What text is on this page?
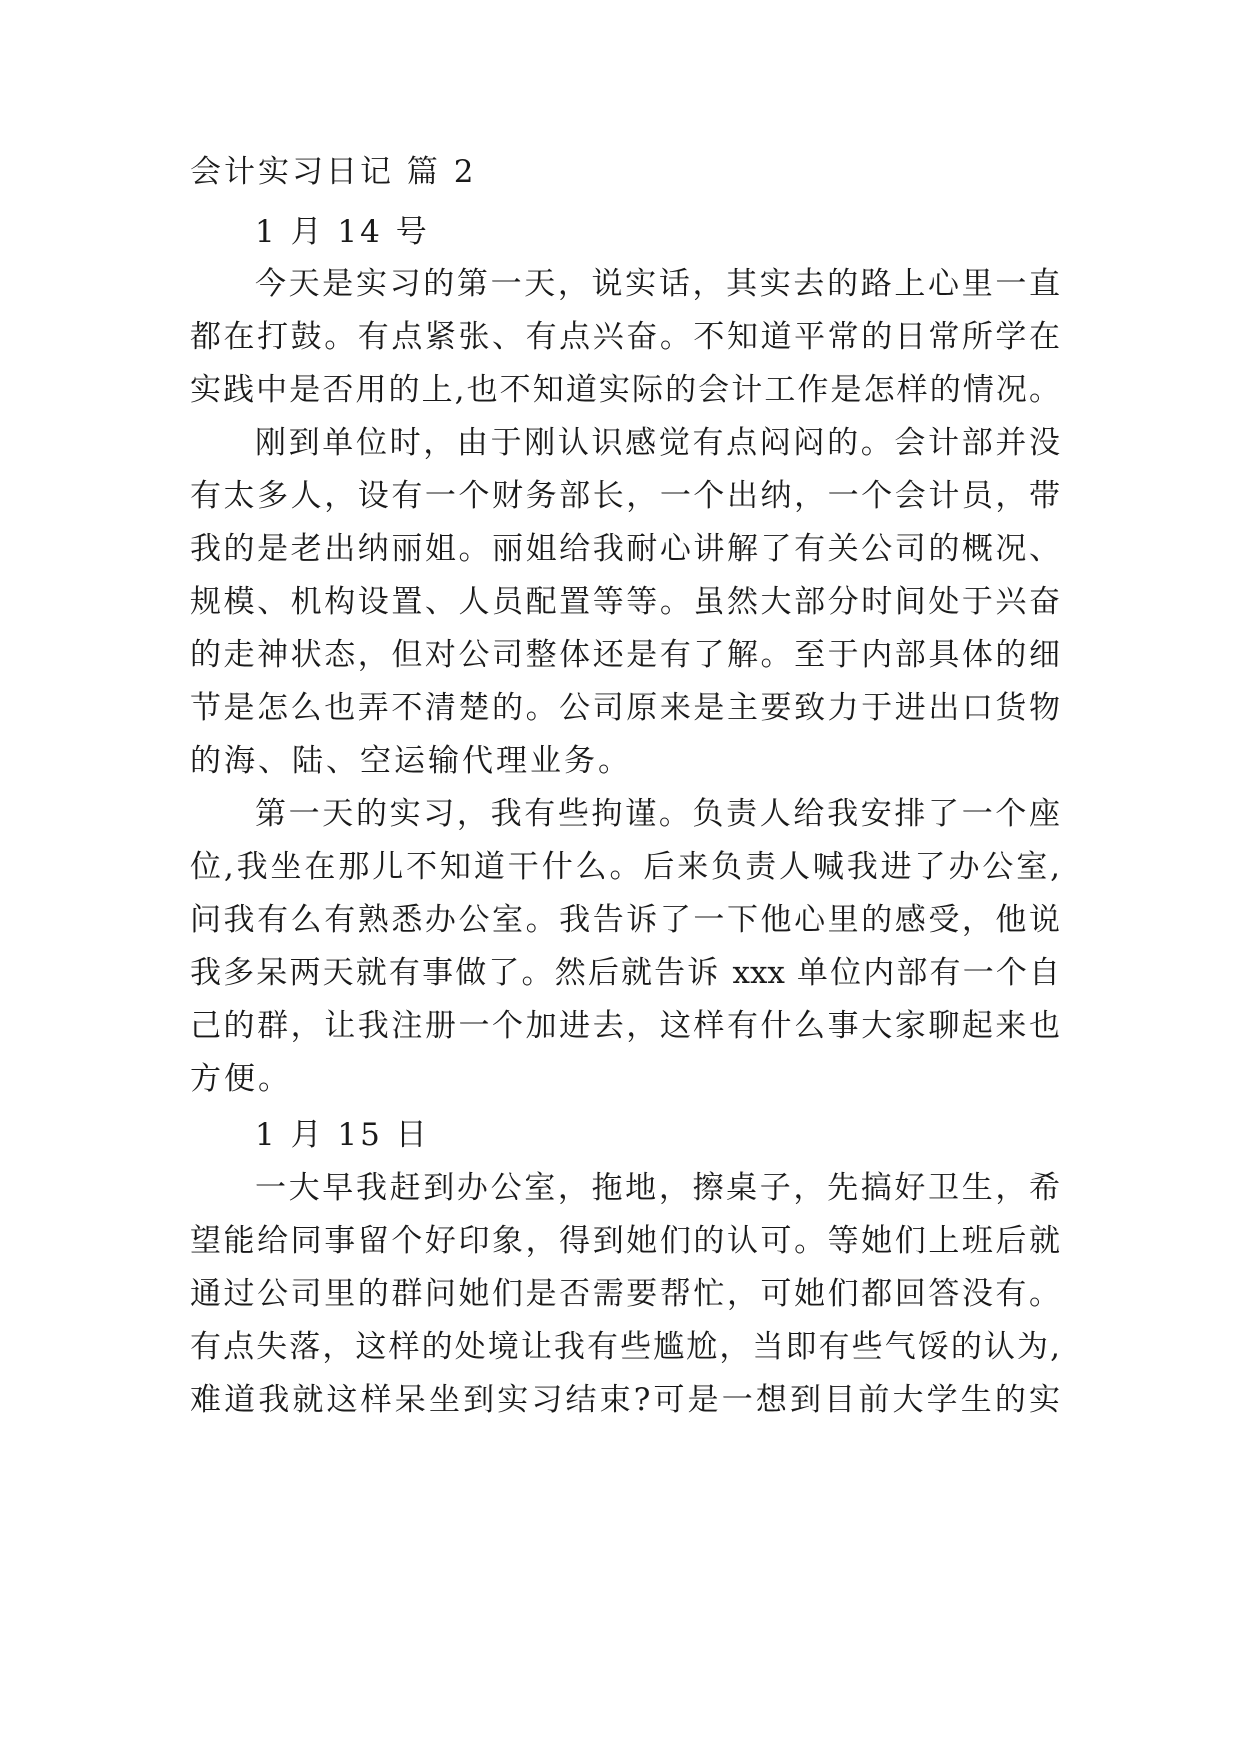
会计实习日记 篇 2
1 月 14 号
今天是实习的第一天，说实话，其实去的路上心里一直
都在打鼓。有点紧张、有点兴奋。不知道平常的日常所学在
实践中是否用的上,也不知道实际的会计工作是怎样的情况。
刚到单位时，由于刚认识感觉有点闷闷的。会计部并没
有太多人，设有一个财务部长，一个出纳，一个会计员，带
我的是老出纳丽姐。丽姐给我耐心讲解了有关公司的概况、
规模、机构设置、人员配置等等。虽然大部分时间处于兴奋
的走神状态，但对公司整体还是有了解。至于内部具体的细
节是怎么也弄不清楚的。公司原来是主要致力于进出口货物
的海、陆、空运输代理业务。
第一天的实习，我有些拘谨。负责人给我安排了一个座
位,我坐在那儿不知道干什么。后来负责人喊我进了办公室,
问我有么有熟悉办公室。我告诉了一下他心里的感受，他说
我多呆两天就有事做了。然后就告诉 xxx 单位内部有一个自
己的群，让我注册一个加进去，这样有什么事大家聊起来也
方便。
1 月 15 日
一大早我赶到办公室，拖地，擦桌子，先搞好卫生，希
望能给同事留个好印象，得到她们的认可。等她们上班后就
通过公司里的群问她们是否需要帮忙，可她们都回答没有。
有点失落，这样的处境让我有些尴尬，当即有些气馁的认为,
难道我就这样呆坐到实习结束?可是一想到目前大学生的实
